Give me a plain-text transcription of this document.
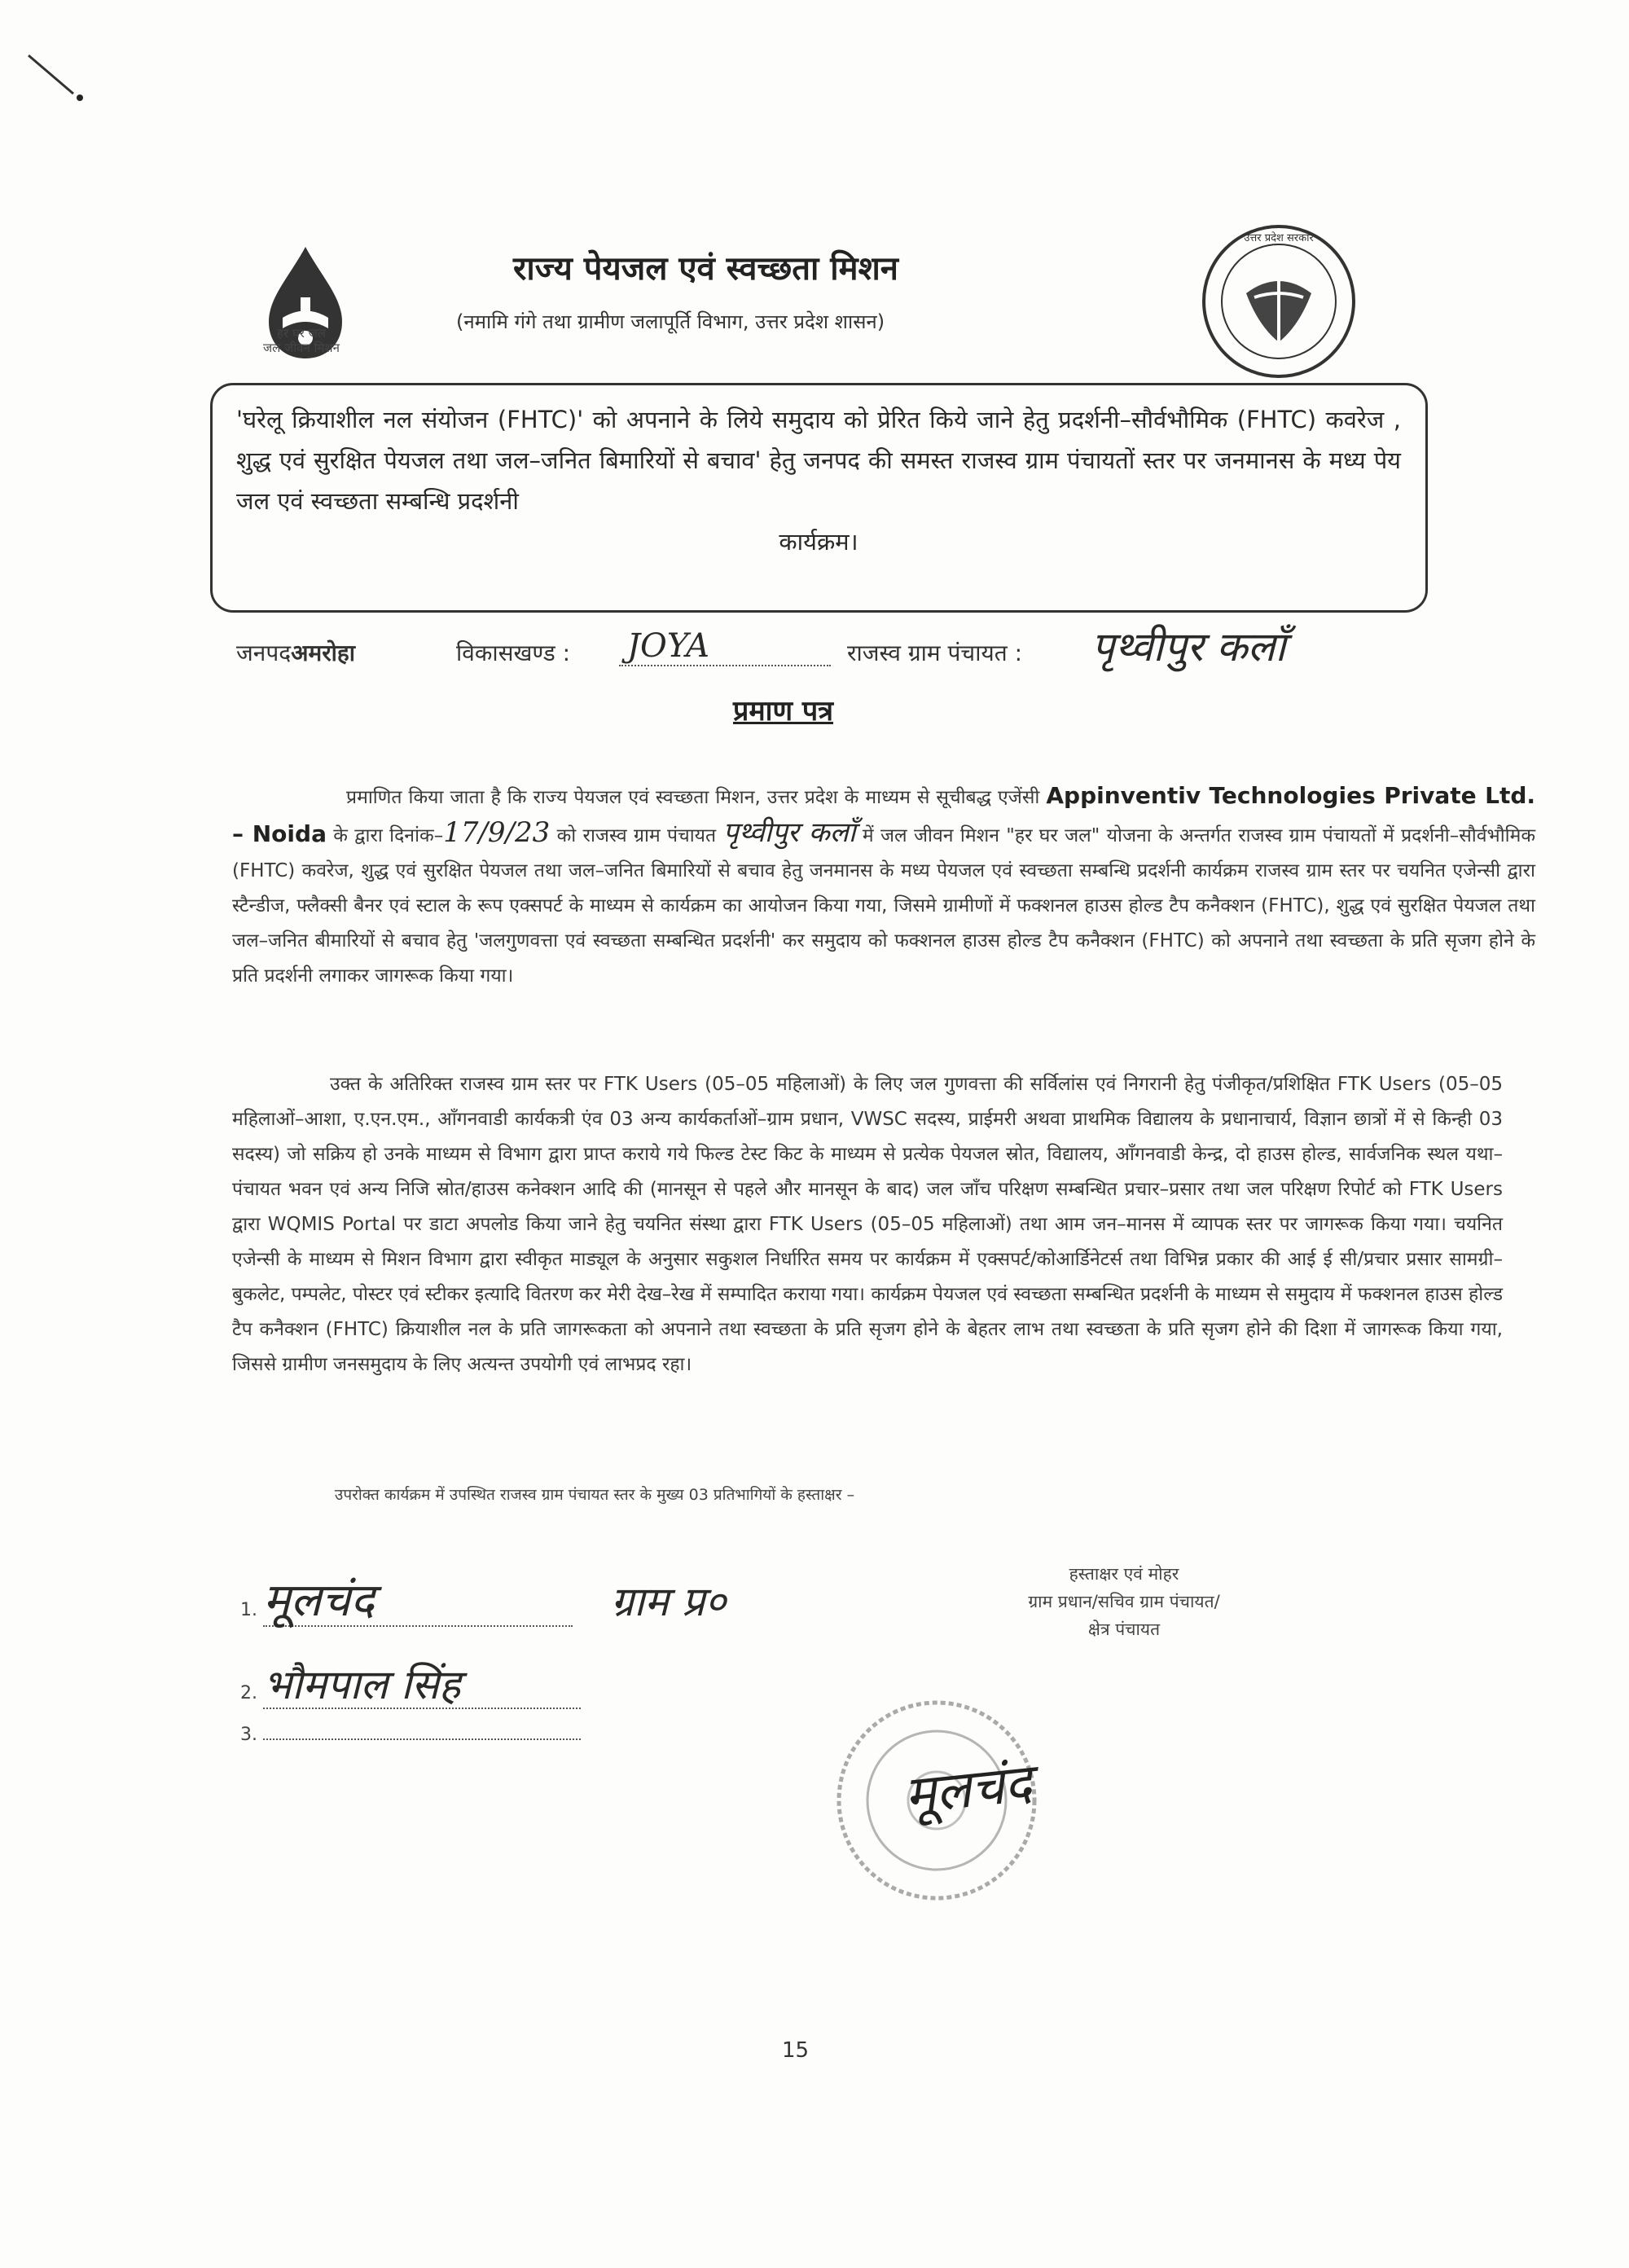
हर घर जल
जल जीवन मिशन
उत्तर प्रदेश सरकार
राज्य पेयजल एवं स्वच्छता मिशन
(नमामि गंगे तथा ग्रामीण जलापूर्ति विभाग, उत्तर प्रदेश शासन)
'घरेलू क्रियाशील नल संयोजन (FHTC)' को अपनाने के लिये समुदाय को प्रेरित किये जाने हेतु प्रदर्शनी–सौर्वभौमिक (FHTC) कवरेज , शुद्ध एवं सुरक्षित पेयजल तथा जल–जनित बिमारियों से बचाव' हेतु जनपद की समस्त राजस्व ग्राम पंचायतों स्तर पर जनमानस के मध्य पेय जल एवं स्वच्छता सम्बन्धि प्रदर्शनी
कार्यक्रम।
जनपदअमरोहा	विकासखण्ड : JOYA	राजस्व ग्राम पंचायत : पृथ्वीपुर कलाँ
प्रमाण पत्र
प्रमाणित किया जाता है कि राज्य पेयजल एवं स्वच्छता मिशन, उत्तर प्रदेश के माध्यम से सूचीबद्ध एजेंसी Appinventiv Technologies Private Ltd. – Noida के द्वारा दिनांक–17/9/23 को राजस्व ग्राम पंचायत पृथ्वीपुर कलाँ में जल जीवन मिशन "हर घर जल" योजना के अन्तर्गत राजस्व ग्राम पंचायतों में प्रदर्शनी–सौर्वभौमिक (FHTC) कवरेज, शुद्ध एवं सुरक्षित पेयजल तथा जल–जनित बिमारियों से बचाव हेतु जनमानस के मध्य पेयजल एवं स्वच्छता सम्बन्धि प्रदर्शनी कार्यक्रम राजस्व ग्राम स्तर पर चयनित एजेन्सी द्वारा स्टैन्डीज, फ्लैक्सी बैनर एवं स्टाल के रूप एक्सपर्ट के माध्यम से कार्यक्रम का आयोजन किया गया, जिसमे ग्रामीणों में फक्शनल हाउस होल्ड टैप कनैक्शन (FHTC), शुद्ध एवं सुरक्षित पेयजल तथा जल–जनित बीमारियों से बचाव हेतु 'जलगुणवत्ता एवं स्वच्छता सम्बन्धित प्रदर्शनी' कर समुदाय को फक्शनल हाउस होल्ड टैप कनैक्शन (FHTC) को अपनाने तथा स्वच्छता के प्रति सृजग होने के प्रति प्रदर्शनी लगाकर जागरूक किया गया।
उक्त के अतिरिक्त राजस्व ग्राम स्तर पर FTK Users (05–05 महिलाओं) के लिए जल गुणवत्ता की सर्विलांस एवं निगरानी हेतु पंजीकृत/प्रशिक्षित FTK Users (05–05 महिलाओं–आशा, ए.एन.एम., आँगनवाडी कार्यकत्री एंव 03 अन्य कार्यकर्ताओं–ग्राम प्रधान, VWSC सदस्य, प्राईमरी अथवा प्राथमिक विद्यालय के प्रधानाचार्य, विज्ञान छात्रों में से किन्ही 03 सदस्य) जो सक्रिय हो उनके माध्यम से विभाग द्वारा प्राप्त कराये गये फिल्ड टेस्ट किट के माध्यम से प्रत्येक पेयजल स्रोत, विद्यालय, आँगनवाडी केन्द्र, दो हाउस होल्ड, सार्वजनिक स्थल यथा–पंचायत भवन एवं अन्य निजि स्रोत/हाउस कनेक्शन आदि की (मानसून से पहले और मानसून के बाद) जल जाँच परिक्षण सम्बन्धित प्रचार–प्रसार तथा जल परिक्षण रिपोर्ट को FTK Users द्वारा WQMIS Portal पर डाटा अपलोड किया जाने हेतु चयनित संस्था द्वारा FTK Users (05–05 महिलाओं) तथा आम जन–मानस में व्यापक स्तर पर जागरूक किया गया। चयनित एजेन्सी के माध्यम से मिशन विभाग द्वारा स्वीकृत माड्यूल के अनुसार सकुशल निर्धारित समय पर कार्यक्रम में एक्सपर्ट/कोआर्डिनेटर्स तथा विभिन्न प्रकार की आई ई सी/प्रचार प्रसार सामग्री–बुकलेट, पम्पलेट, पोस्टर एवं स्टीकर इत्यादि वितरण कर मेरी देख–रेख में सम्पादित कराया गया। कार्यक्रम पेयजल एवं स्वच्छता सम्बन्धित प्रदर्शनी के माध्यम से समुदाय में फक्शनल हाउस होल्ड टैप कनैक्शन (FHTC) क्रियाशील नल के प्रति जागरूकता को अपनाने तथा स्वच्छता के प्रति सृजग होने के बेहतर लाभ तथा स्वच्छता के प्रति सृजग होने की दिशा में जागरूक किया गया, जिससे ग्रामीण जनसमुदाय के लिए अत्यन्त उपयोगी एवं लाभप्रद रहा।
उपरोक्त कार्यक्रम में उपस्थित राजस्व ग्राम पंचायत स्तर के मुख्य 03 प्रतिभागियों के हस्ताक्षर –
1. मूलचंद	ग्राम प्र०
2. भौमपाल सिंह
3.
हस्ताक्षर एवं मोहर
ग्राम प्रधान/सचिव ग्राम पंचायत/
क्षेत्र पंचायत
मूलचंद
15
